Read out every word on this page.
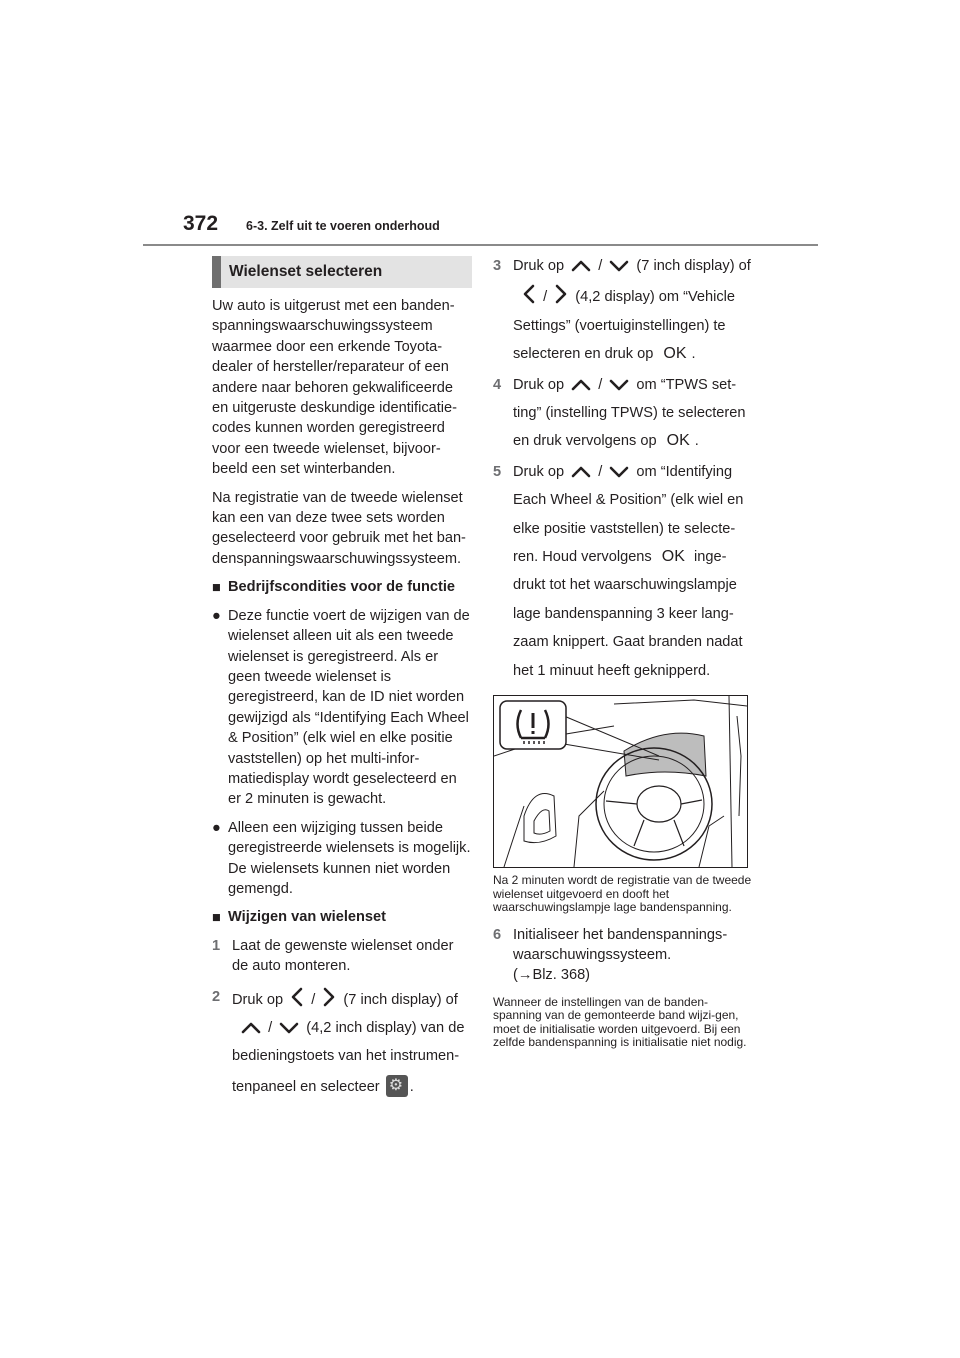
372 6-3. Zelf uit te voeren onderhoud
Wielenset selecteren

Uw auto is uitgerust met een banden-spanningswaarschuwingssysteem waarmee door een erkende Toyota-dealer of hersteller/reparateur of een andere naar behoren gekwalificeerde en uitgeruste deskundige identificatie-codes kunnen worden geregistreerd voor een tweede wielenset, bijvoor-beeld een set winterbanden.

Na registratie van de tweede wielenset kan een van deze twee sets worden geselecteerd voor gebruik met het ban-denspanningswaarschuwingssysteem.

■ Bedrijfscondities voor de functie

● Deze functie voert de wijzigen van de wielenset alleen uit als een tweede wielenset is geregistreerd. Als er geen tweede wielenset is geregistreerd, kan de ID niet worden gewijzigd als “Identifying Each Wheel & Position” (elk wiel en elke positie vaststellen) op het multi-infor-matiedisplay wordt geselecteerd en er 2 minuten is gewacht.

● Alleen een wijziging tussen beide geregistreerde wielensets is mogelijk. De wielensets kunnen niet worden gemengd.

■ Wijzigen van wielenset

1 Laat de gewenste wielenset onder de auto monteren.
2 Druk op / (7 inch display) of
/ (4,2 inch display) van de
bedieningstoets van het instrumen-
tenpaneel en selecteer ⚙ .
3 Druk op / (7 inch display) of
/ (4,2 display) om “Vehicle
Settings” (voertuiginstellingen) te
selecteren en druk op OK .
4 Druk op / om “TPWS set-
ting” (instelling TPWS) te selecteren
en druk vervolgens op OK .
5 Druk op / om “Identifying
Each Wheel & Position” (elk wiel en
elke positie vaststellen) te selecte-
ren. Houd vervolgens OK inge-
drukt tot het waarschuwingslampje
lage bandenspanning 3 keer lang-
zaam knippert. Gaat branden nadat
het 1 minuut heeft geknipperd.

Na 2 minuten wordt de registratie van de tweede wielenset uitgevoerd en dooft het waarschuwingslampje lage bandenspanning.

6 Initialiseer het bandenspannings-waarschuwingssysteem.
(→Blz. 368)

Wanneer de instellingen van de banden-spanning van de gemonteerde band wijzi-gen, moet de initialisatie worden uitgevoerd. Bij een zelfde bandenspanning is initialisatie niet nodig.
